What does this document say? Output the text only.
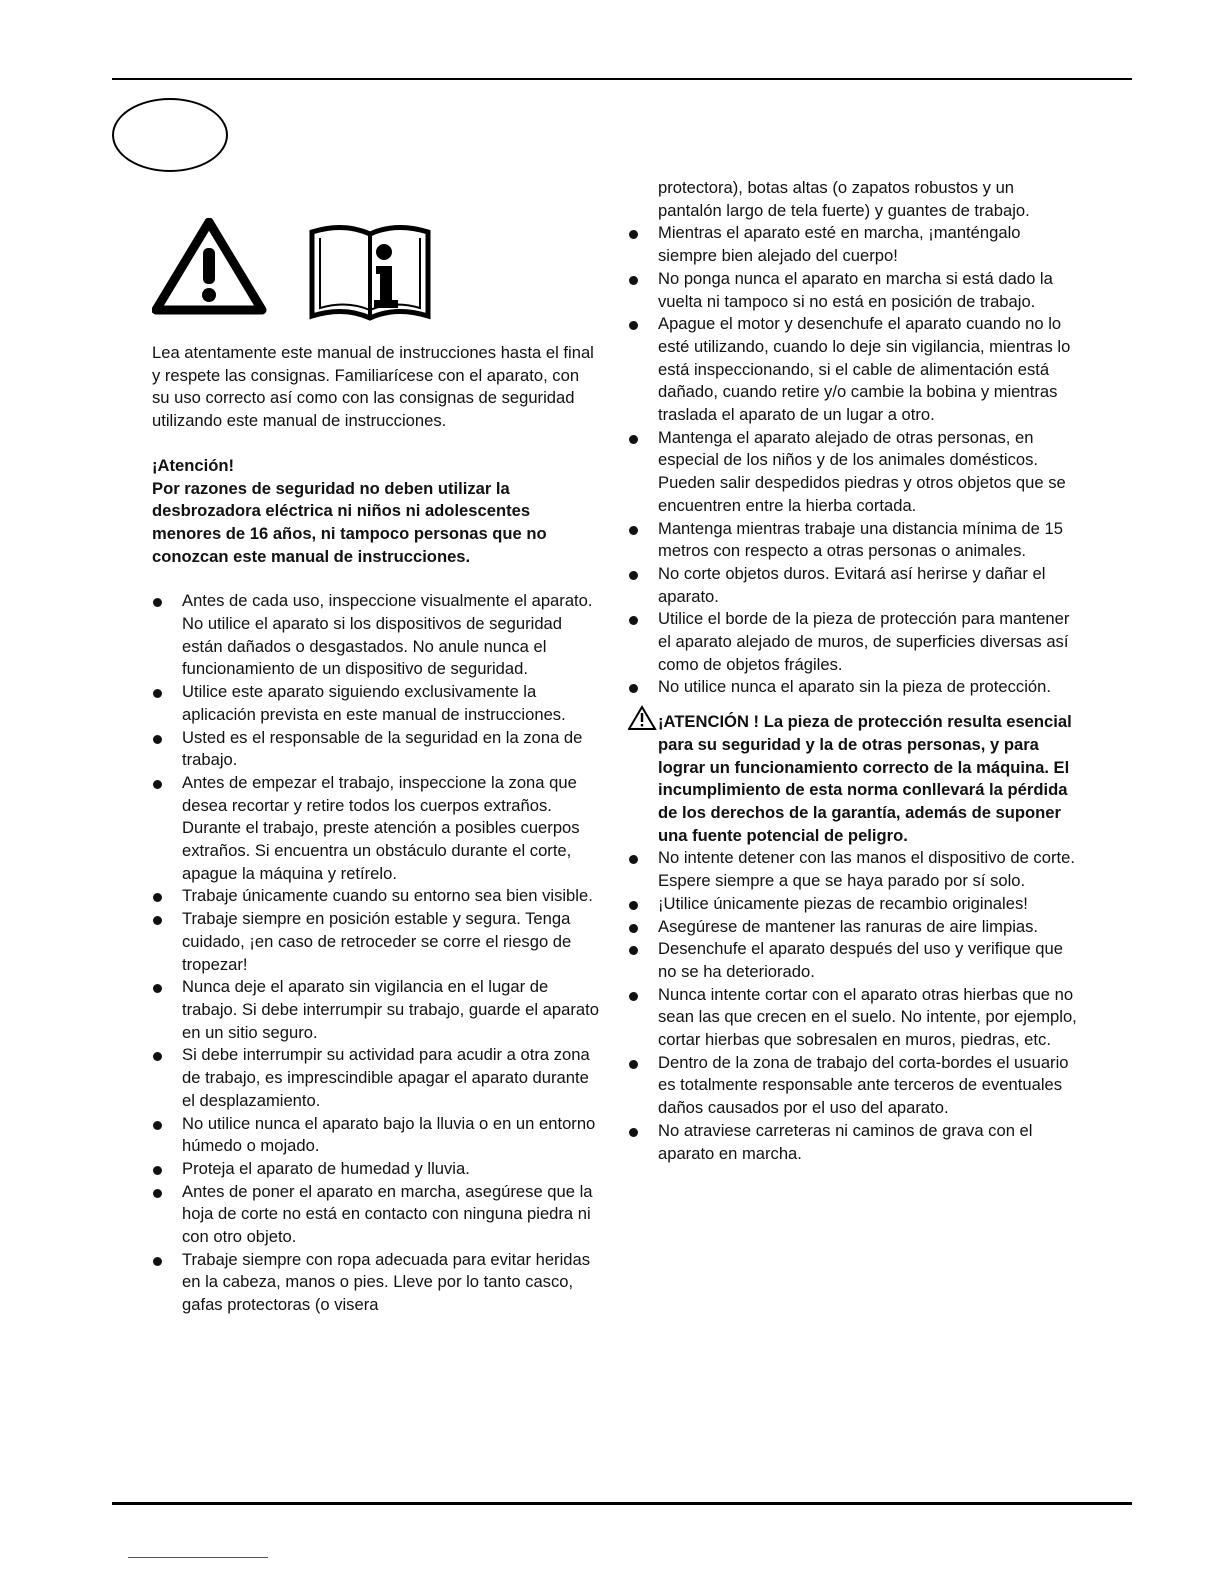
Lea atentamente este manual de instrucciones hasta el final y respete las consignas. Familiarícese con el aparato, con su uso correcto así como con las consignas de seguridad utilizando este manual de instrucciones.

¡Atención!

Por razones de seguridad no deben utilizar la desbrozadora eléctrica ni niños ni adolescentes menores de 16 años, ni tampoco personas que no conozcan este manual de instrucciones.

Antes de cada uso, inspeccione visualmente el aparato. No utilice el aparato si los dispositivos de seguridad están dañados o desgastados. No anule nunca el funcionamiento de un dispositivo de seguridad.
Utilice este aparato siguiendo exclusivamente la aplicación prevista en este manual de instrucciones.
Usted es el responsable de la seguridad en la zona de trabajo.
Antes de empezar el trabajo, inspeccione la zona que desea recortar y retire todos los cuerpos extraños. Durante el trabajo, preste atención a posibles cuerpos extraños. Si encuentra un obstáculo durante el corte, apague la máquina y retírelo.
Trabaje únicamente cuando su entorno sea bien visible.
Trabaje siempre en posición estable y segura. Tenga cuidado, ¡en caso de retroceder se corre el riesgo de tropezar!
Nunca deje el aparato sin vigilancia en el lugar de trabajo. Si debe interrumpir su trabajo, guarde el aparato en un sitio seguro.
Si debe interrumpir su actividad para acudir a otra zona de trabajo, es imprescindible apagar el aparato durante el desplazamiento.
No utilice nunca el aparato bajo la lluvia o en un entorno húmedo o mojado.
Proteja el aparato de humedad y lluvia.
Antes de poner el aparato en marcha, asegúrese que la hoja de corte no está en contacto con ninguna piedra ni con otro objeto.
Trabaje siempre con ropa adecuada para evitar heridas en la cabeza, manos o pies. Lleve por lo tanto casco, gafas protectoras (o visera

protectora), botas altas (o zapatos robustos y un pantalón largo de tela fuerte) y guantes de trabajo.

Mientras el aparato esté en marcha, ¡manténgalo siempre bien alejado del cuerpo!
No ponga nunca el aparato en marcha si está dado la vuelta ni tampoco si no está en posición de trabajo.
Apague el motor y desenchufe el aparato cuando no lo esté utilizando, cuando lo deje sin vigilancia, mientras lo está inspeccionando, si el cable de alimentación está dañado, cuando retire y/o cambie la bobina y mientras traslada el aparato de un lugar a otro.
Mantenga el aparato alejado de otras personas, en especial de los niños y de los animales domésticos. Pueden salir despedidos piedras y otros objetos que se encuentren entre la hierba cortada.
Mantenga mientras trabaje una distancia mínima de 15 metros con respecto a otras personas o animales.
No corte objetos duros. Evitará así herirse y dañar el aparato.
Utilice el borde de la pieza de protección para mantener el aparato alejado de muros, de superficies diversas así como de objetos frágiles.
No utilice nunca el aparato sin la pieza de protección.
¡ATENCIÓN ! La pieza de protección resulta esencial para su seguridad y la de otras personas, y para lograr un funcionamiento correcto de la máquina. El incumplimiento de esta norma conllevará la pérdida de los derechos de la garantía, además de suponer una fuente potencial de peligro.
No intente detener con las manos el dispositivo de corte. Espere siempre a que se haya parado por sí solo.
¡Utilice únicamente piezas de recambio originales!
Asegúrese de mantener las ranuras de aire limpias.
Desenchufe el aparato después del uso y verifique que no se ha deteriorado.
Nunca intente cortar con el aparato otras hierbas que no sean las que crecen en el suelo. No intente, por ejemplo, cortar hierbas que sobresalen en muros, piedras, etc.
Dentro de la zona de trabajo del corta-bordes el usuario es totalmente responsable ante terceros de eventuales daños causados por el uso del aparato.
No atraviese carreteras ni caminos de grava con el aparato en marcha.
